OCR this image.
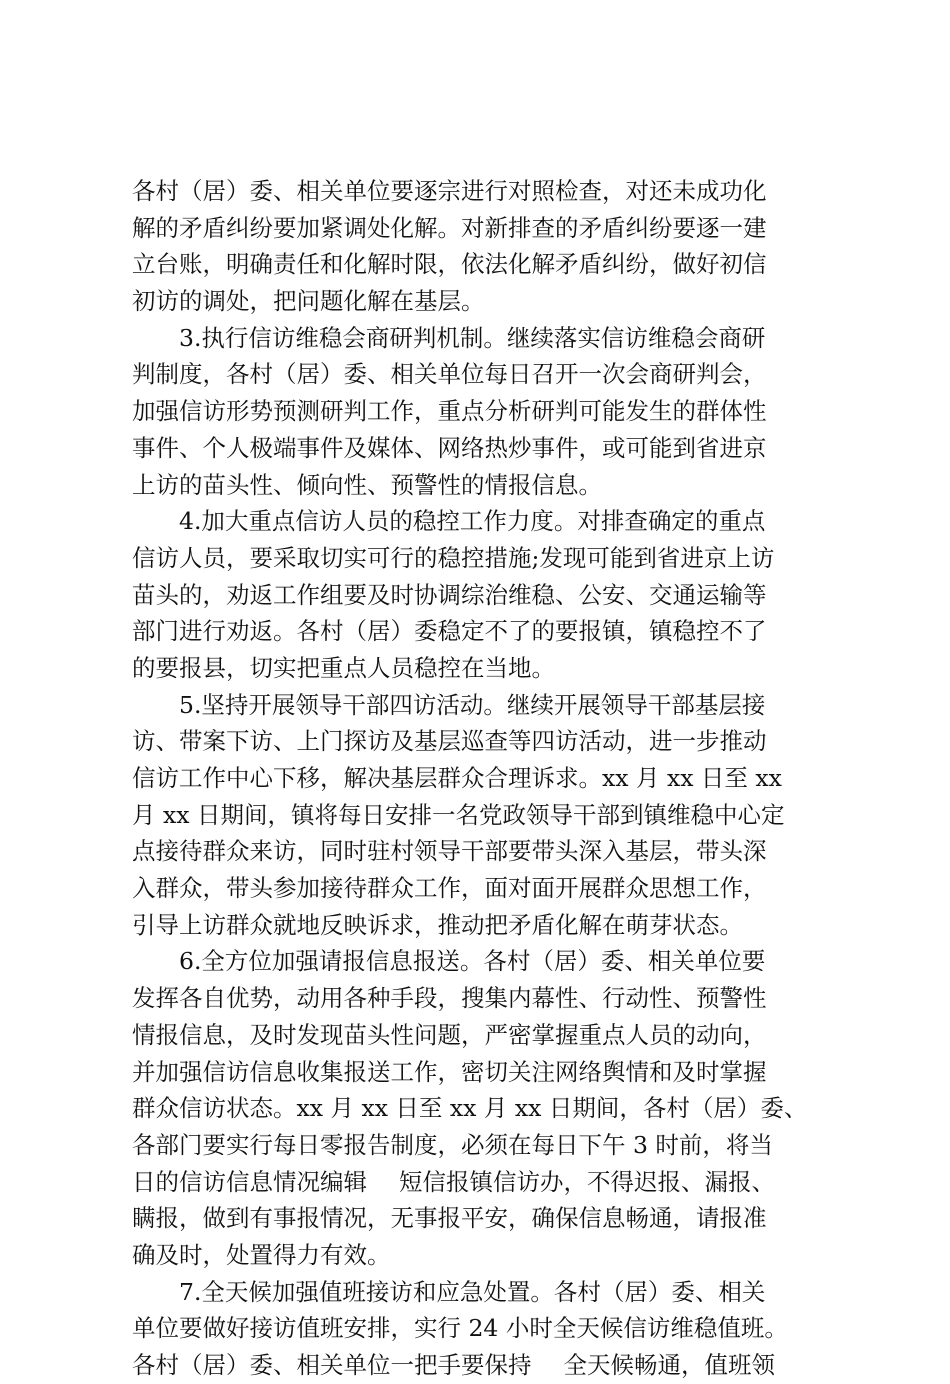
各村（居）委、相关单位要逐宗进行对照检查，对还未成功化
解的矛盾纠纷要加紧调处化解。对新排查的矛盾纠纷要逐一建
立台账，明确责任和化解时限，依法化解矛盾纠纷，做好初信
初访的调处，把问题化解在基层。
3.执行信访维稳会商研判机制。继续落实信访维稳会商研
判制度，各村（居）委、相关单位每日召开一次会商研判会，
加强信访形势预测研判工作，重点分析研判可能发生的群体性
事件、个人极端事件及媒体、网络热炒事件，或可能到省进京
上访的苗头性、倾向性、预警性的情报信息。
4.加大重点信访人员的稳控工作力度。对排查确定的重点
信访人员，要采取切实可行的稳控措施;发现可能到省进京上访
苗头的，劝返工作组要及时协调综治维稳、公安、交通运输等
部门进行劝返。各村（居）委稳定不了的要报镇，镇稳控不了
的要报县，切实把重点人员稳控在当地。
5.坚持开展领导干部四访活动。继续开展领导干部基层接
访、带案下访、上门探访及基层巡查等四访活动，进一步推动
信访工作中心下移，解决基层群众合理诉求。xx 月 xx 日至 xx
月 xx 日期间，镇将每日安排一名党政领导干部到镇维稳中心定
点接待群众来访，同时驻村领导干部要带头深入基层，带头深
入群众，带头参加接待群众工作，面对面开展群众思想工作，
引导上访群众就地反映诉求，推动把矛盾化解在萌芽状态。
6.全方位加强请报信息报送。各村（居）委、相关单位要
发挥各自优势，动用各种手段，搜集内幕性、行动性、预警性
情报信息，及时发现苗头性问题，严密掌握重点人员的动向，
并加强信访信息收集报送工作，密切关注网络舆情和及时掌握
群众信访状态。xx 月 xx 日至 xx 月 xx 日期间，各村（居）委、
各部门要实行每日零报告制度，必须在每日下午 3 时前，将当
日的信访信息情况编辑 短信报镇信访办，不得迟报、漏报、
瞒报，做到有事报情况，无事报平安，确保信息畅通，请报准
确及时，处置得力有效。
7.全天候加强值班接访和应急处置。各村（居）委、相关
单位要做好接访值班安排，实行 24 小时全天候信访维稳值班。
各村（居）委、相关单位一把手要保持 全天候畅通，值班领
